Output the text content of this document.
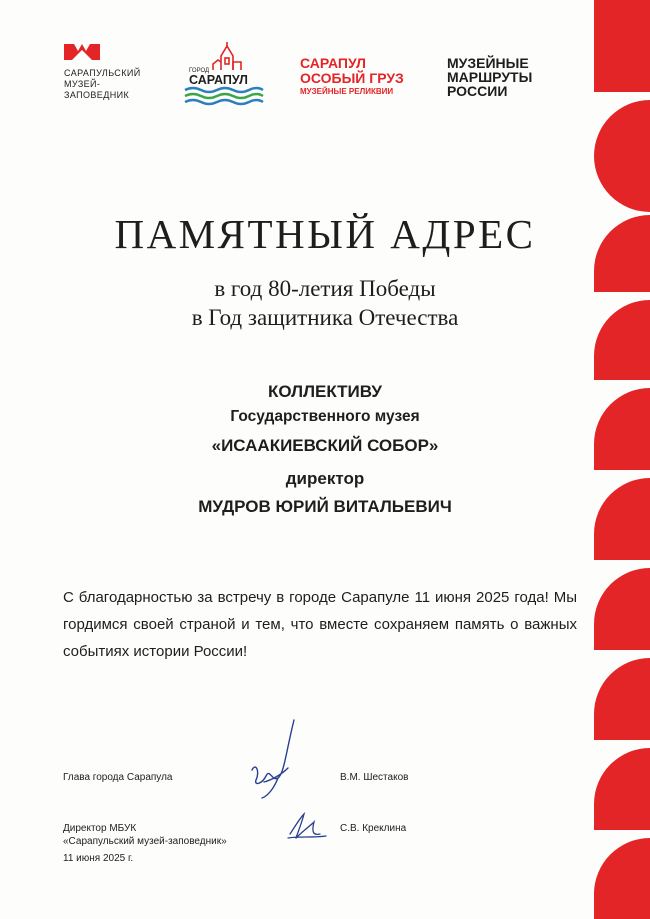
САРАПУЛЬСКИЙ
МУЗЕЙ-
ЗАПОВЕДНИК
ГОРОД
САРАПУЛ
САРАПУЛ
ОСОБЫЙ ГРУЗ
МУЗЕЙНЫЕ РЕЛИКВИИ
МУЗЕЙНЫЕ
МАРШРУТЫ
РОССИИ
ПАМЯТНЫЙ АДРЕС
в год 80-летия Победы
в Год защитника Отечества
КОЛЛЕКТИВУ
Государственного музея
«ИСААКИЕВСКИЙ СОБОР»
директор
МУДРОВ ЮРИЙ ВИТАЛЬЕВИЧ
С благодарностью за встречу в городе Сарапуле 11 июня 2025 года! Мы гордимся своей страной и тем, что вместе сохраняем память о важных событиях истории России!
Глава города Сарапула	В.М. Шестаков
Директор МБУК
«Сарапульский музей-заповедник»
С.В. Креклина
11 июня 2025 г.
